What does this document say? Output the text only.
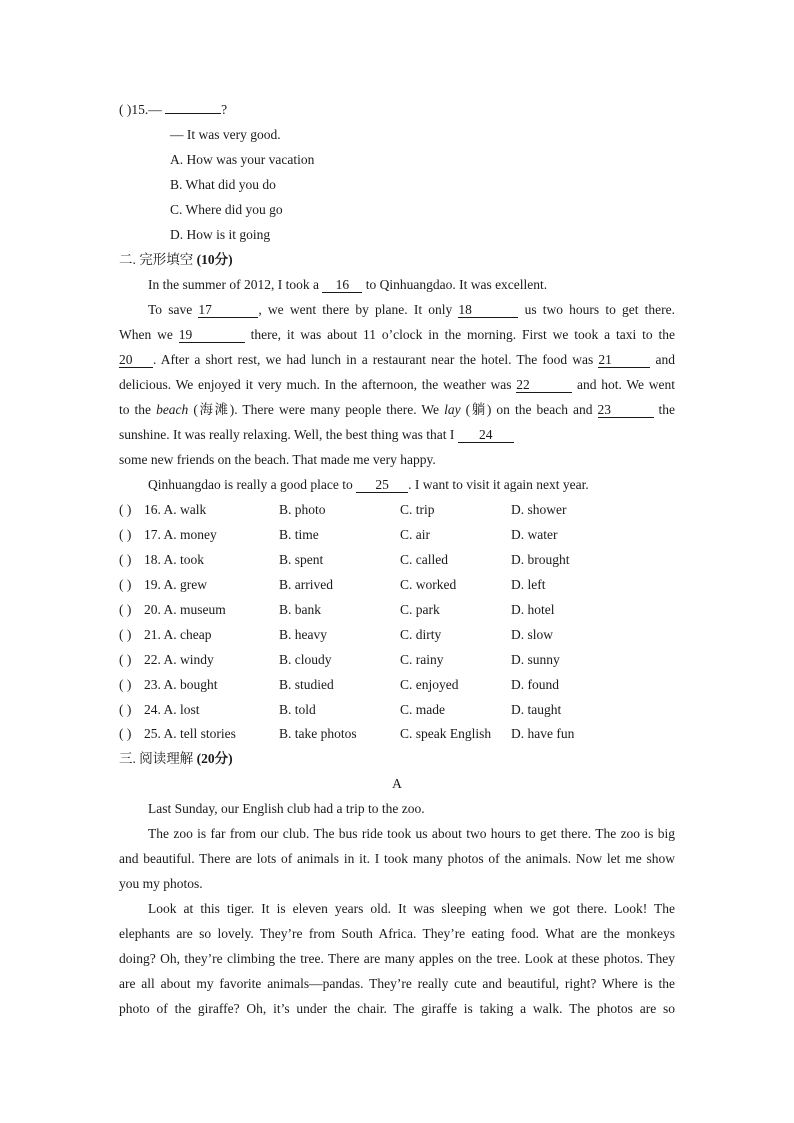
( )15.—	?
— It was very good.
A. How was your vacation
B. What did you do
C. Where did you go
D. How is it going
二. 完形填空 (10分)
In the summer of 2012, I took a 16 to Qinhuangdao. It was excellent.
To save 17	, we went there by plane. It only 18	us two hours to get there.
When we 19	there, it was about 11 o’clock in the morning. First we took a taxi to the
20 . After a short rest, we had lunch in a restaurant near the hotel. The food was 21	and
delicious. We enjoyed it very much. In the afternoon, the weather was 22	and hot. We went
to the beach (海滩). There were many people there. We lay (躺) on the beach and 23	the
sunshine. It was really relaxing. Well, the best thing was that I 24
some new friends on the beach. That made me very happy.
Qinhuangdao is really a good place to 25 . I want to visit it again next year.
( ) 16. A. walk	B. photo	C. trip	D. shower
( ) 17. A. money	B. time	C. air	D. water
( ) 18. A. took	B. spent	C. called	D. brought
( ) 19. A. grew	B. arrived	C. worked	D. left
( ) 20. A. museum	B. bank	C. park	D. hotel
( ) 21. A. cheap	B. heavy	C. dirty	D. slow
( ) 22. A. windy	B. cloudy	C. rainy	D. sunny
( ) 23. A. bought	B. studied	C. enjoyed	D. found
( ) 24. A. lost	B. told	C. made	D. taught
( ) 25. A. tell stories	B. take photos	C. speak English D. have fun
三. 阅读理解 (20分)
A
Last Sunday, our English club had a trip to the zoo.
The zoo is far from our club. The bus ride took us about two hours to get there. The zoo is big
and beautiful. There are lots of animals in it. I took many photos of the animals. Now let me show
you my photos.
Look at this tiger. It is eleven years old. It was sleeping when we got there. Look! The
elephants are so lovely. They’re from South Africa. They’re eating food. What are the monkeys
doing? Oh, they’re climbing the tree. There are many apples on the tree. Look at these photos. They
are all about my favorite animals—pandas. They’re really cute and beautiful, right? Where is the
photo of the giraffe? Oh, it’s under the chair. The giraffe is taking a walk. The photos are so
